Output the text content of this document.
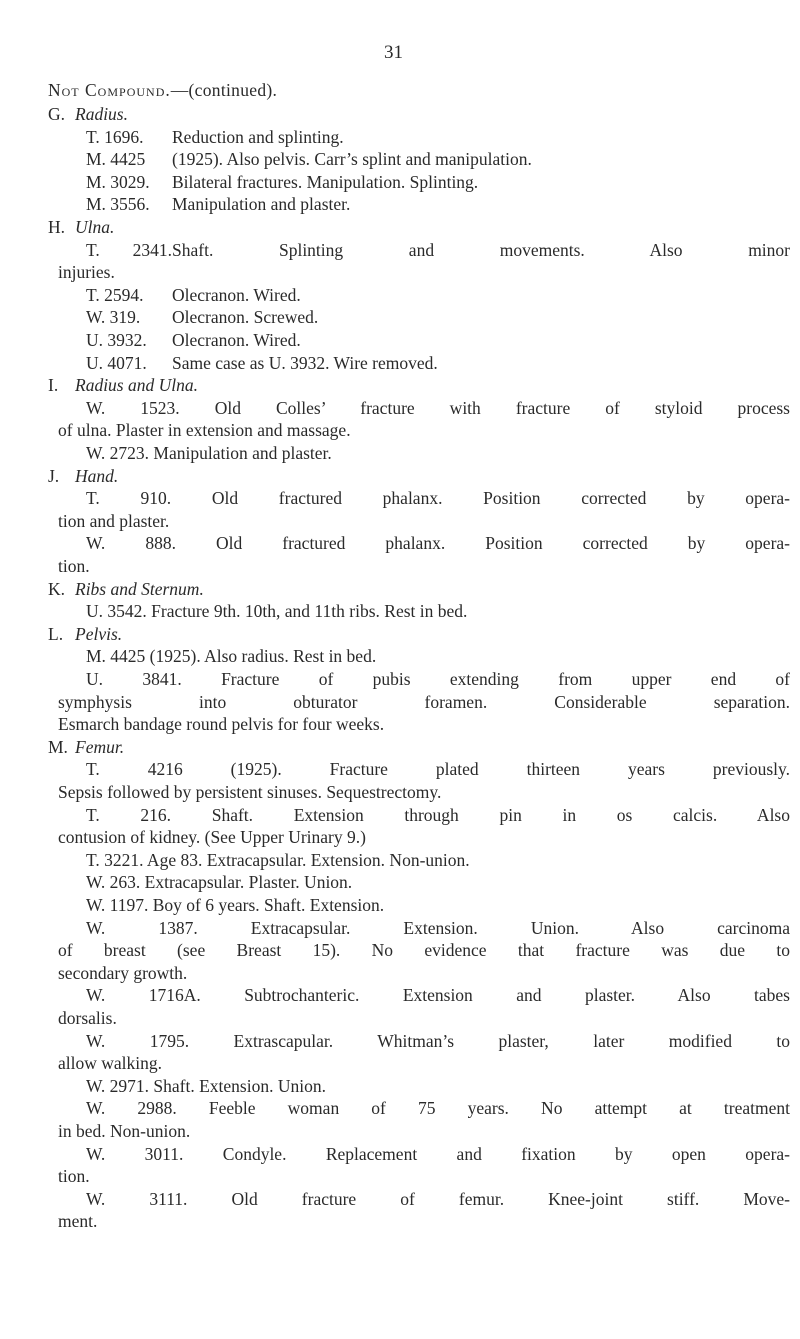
31
Not Compound.—(continued).
G. Radius.
T. 1696. Reduction and splinting.
M. 4425 (1925). Also pelvis. Carr’s splint and manipulation.
M. 3029. Bilateral fractures. Manipulation. Splinting.
M. 3556. Manipulation and plaster.
H. Ulna.
T. 2341.Shaft. Splinting and movements. Also minor
injuries.
T. 2594. Olecranon. Wired.
W. 319. Olecranon. Screwed.
U. 3932. Olecranon. Wired.
U. 4071. Same case as U. 3932. Wire removed.
I. Radius and Ulna.
W. 1523. Old Colles’ fracture with fracture of styloid process
of ulna. Plaster in extension and massage.
W. 2723. Manipulation and plaster.
J. Hand.
T. 910. Old fractured phalanx. Position corrected by opera-
tion and plaster.
W. 888. Old fractured phalanx. Position corrected by opera-
tion.
K. Ribs and Sternum.
U. 3542. Fracture 9th. 10th, and 11th ribs. Rest in bed.
L. Pelvis.
M. 4425 (1925). Also radius. Rest in bed.
U. 3841. Fracture of pubis extending from upper end of
symphysis into obturator foramen. Considerable separation.
Esmarch bandage round pelvis for four weeks.
M. Femur.
T. 4216 (1925). Fracture plated thirteen years previously.
Sepsis followed by persistent sinuses. Sequestrectomy.
T. 216. Shaft. Extension through pin in os calcis. Also
contusion of kidney. (See Upper Urinary 9.)
T. 3221. Age 83. Extracapsular. Extension. Non-union.
W. 263. Extracapsular. Plaster. Union.
W. 1197. Boy of 6 years. Shaft. Extension.
W. 1387. Extracapsular. Extension. Union. Also carcinoma
of breast (see Breast 15). No evidence that fracture was due to
secondary growth.
W. 1716A. Subtrochanteric. Extension and plaster. Also tabes
dorsalis.
W. 1795. Extrascapular. Whitman’s plaster, later modified to
allow walking.
W. 2971. Shaft. Extension. Union.
W. 2988. Feeble woman of 75 years. No attempt at treatment
in bed. Non-union.
W. 3011. Condyle. Replacement and fixation by open opera-
tion.
W. 3111. Old fracture of femur. Knee-joint stiff. Move-
ment.
